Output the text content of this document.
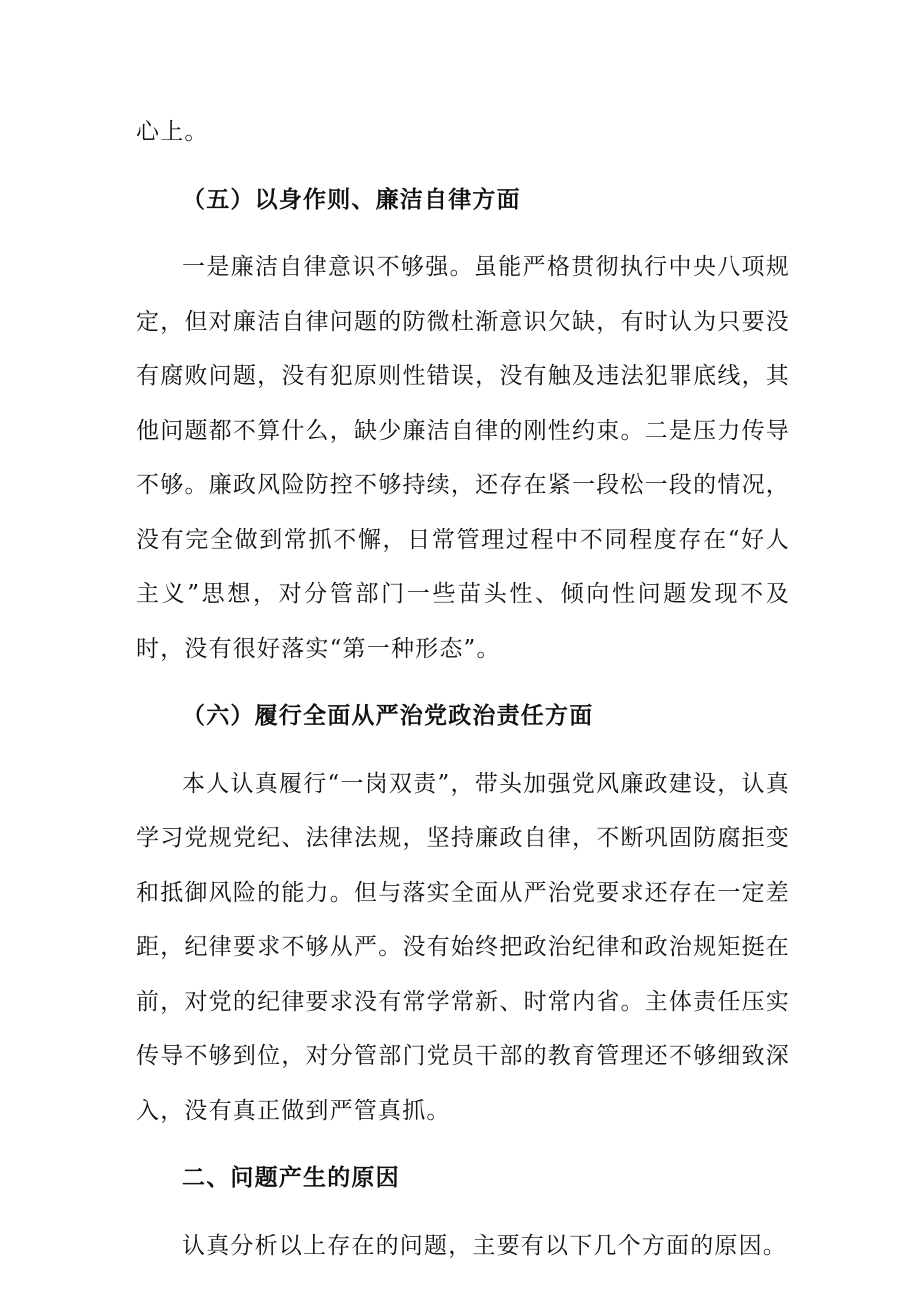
心上。

（五）以身作则、廉洁自律方面

一是廉洁自律意识不够强。虽能严格贯彻执行中央八项规定，但对廉洁自律问题的防微杜渐意识欠缺，有时认为只要没有腐败问题，没有犯原则性错误，没有触及违法犯罪底线，其他问题都不算什么，缺少廉洁自律的刚性约束。二是压力传导不够。廉政风险防控不够持续，还存在紧一段松一段的情况，没有完全做到常抓不懈，日常管理过程中不同程度存在“好人主义”思想，对分管部门一些苗头性、倾向性问题发现不及时，没有很好落实“第一种形态”。

（六）履行全面从严治党政治责任方面

本人认真履行“一岗双责”，带头加强党风廉政建设，认真学习党规党纪、法律法规，坚持廉政自律，不断巩固防腐拒变和抵御风险的能力。但与落实全面从严治党要求还存在一定差距，纪律要求不够从严。没有始终把政治纪律和政治规矩挺在前，对党的纪律要求没有常学常新、时常内省。主体责任压实传导不够到位，对分管部门党员干部的教育管理还不够细致深入，没有真正做到严管真抓。

二、问题产生的原因

认真分析以上存在的问题，主要有以下几个方面的原因。
